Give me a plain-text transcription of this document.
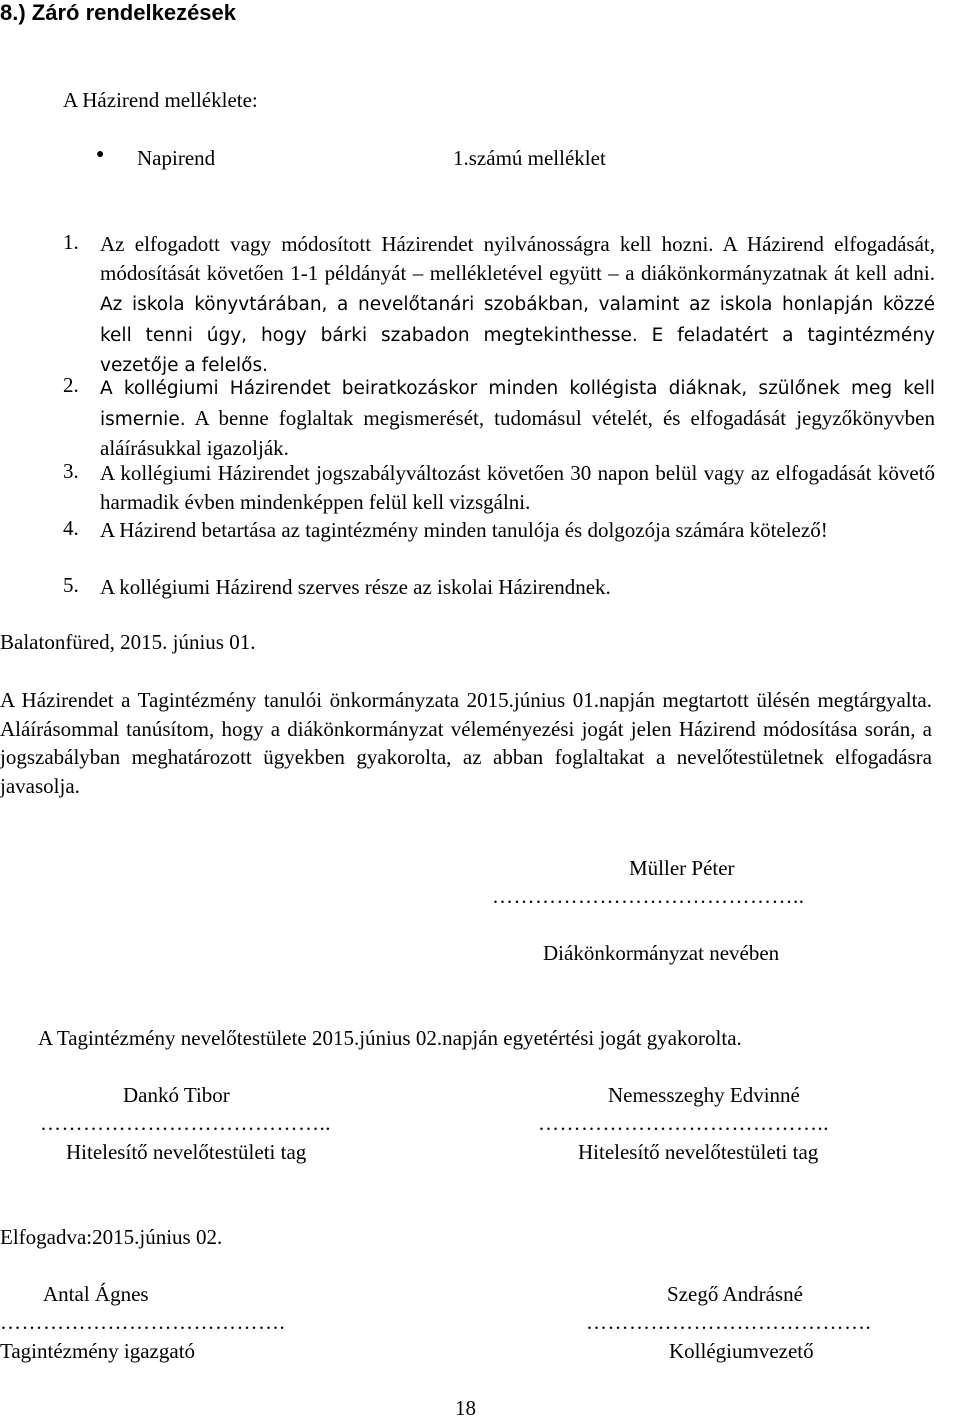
8.) Záró rendelkezések
A Házirend melléklete:
● Napirend	1.számú melléklet
1. Az elfogadott vagy módosított Házirendet nyilvánosságra kell hozni. A Házirend elfogadását, módosítását követően 1-1 példányát – mellékletével együtt – a diákönkormányzatnak át kell adni. Az iskola könyvtárában, a nevelőtanári szobákban, valamint az iskola honlapján közzé kell tenni úgy, hogy bárki szabadon megtekinthesse. E feladatért a tagintézmény vezetője a felelős.
2. A kollégiumi Házirendet beiratkozáskor minden kollégista diáknak, szülőnek meg kell ismernie. A benne foglaltak megismerését, tudomásul vételét, és elfogadását jegyzőkönyvben aláírásukkal igazolják.
3. A kollégiumi Házirendet jogszabályváltozást követően 30 napon belül vagy az elfogadását követő harmadik évben mindenképpen felül kell vizsgálni.
4. A Házirend betartása az tagintézmény minden tanulója és dolgozója számára kötelező!
5. A kollégiumi Házirend szerves része az iskolai Házirendnek.
Balatonfüred, 2015. június 01.
A Házirendet a Tagintézmény tanulói önkormányzata 2015.június 01.napján megtartott ülésén megtárgyalta. Aláírásommal tanúsítom, hogy a diákönkormányzat véleményezési jogát jelen Házirend módosítása során, a jogszabályban meghatározott ügyekben gyakorolta, az abban foglaltakat a nevelőtestületnek elfogadásra javasolja.
Müller Péter
……………………………………..
Diákönkormányzat nevében
A Tagintézmény nevelőtestülete 2015.június 02.napján egyetértési jogát gyakorolta.
Dankó Tibor
…………………………………..
Hitelesítő nevelőtestületi tag
Nemesszeghy Edvinné
…………………………………..
Hitelesítő nevelőtestületi tag
Elfogadva:2015.június 02.
Antal Ágnes
………………………………….
Tagintézmény igazgató
Szegő Andrásné
………………………………….
Kollégiumvezető
18
